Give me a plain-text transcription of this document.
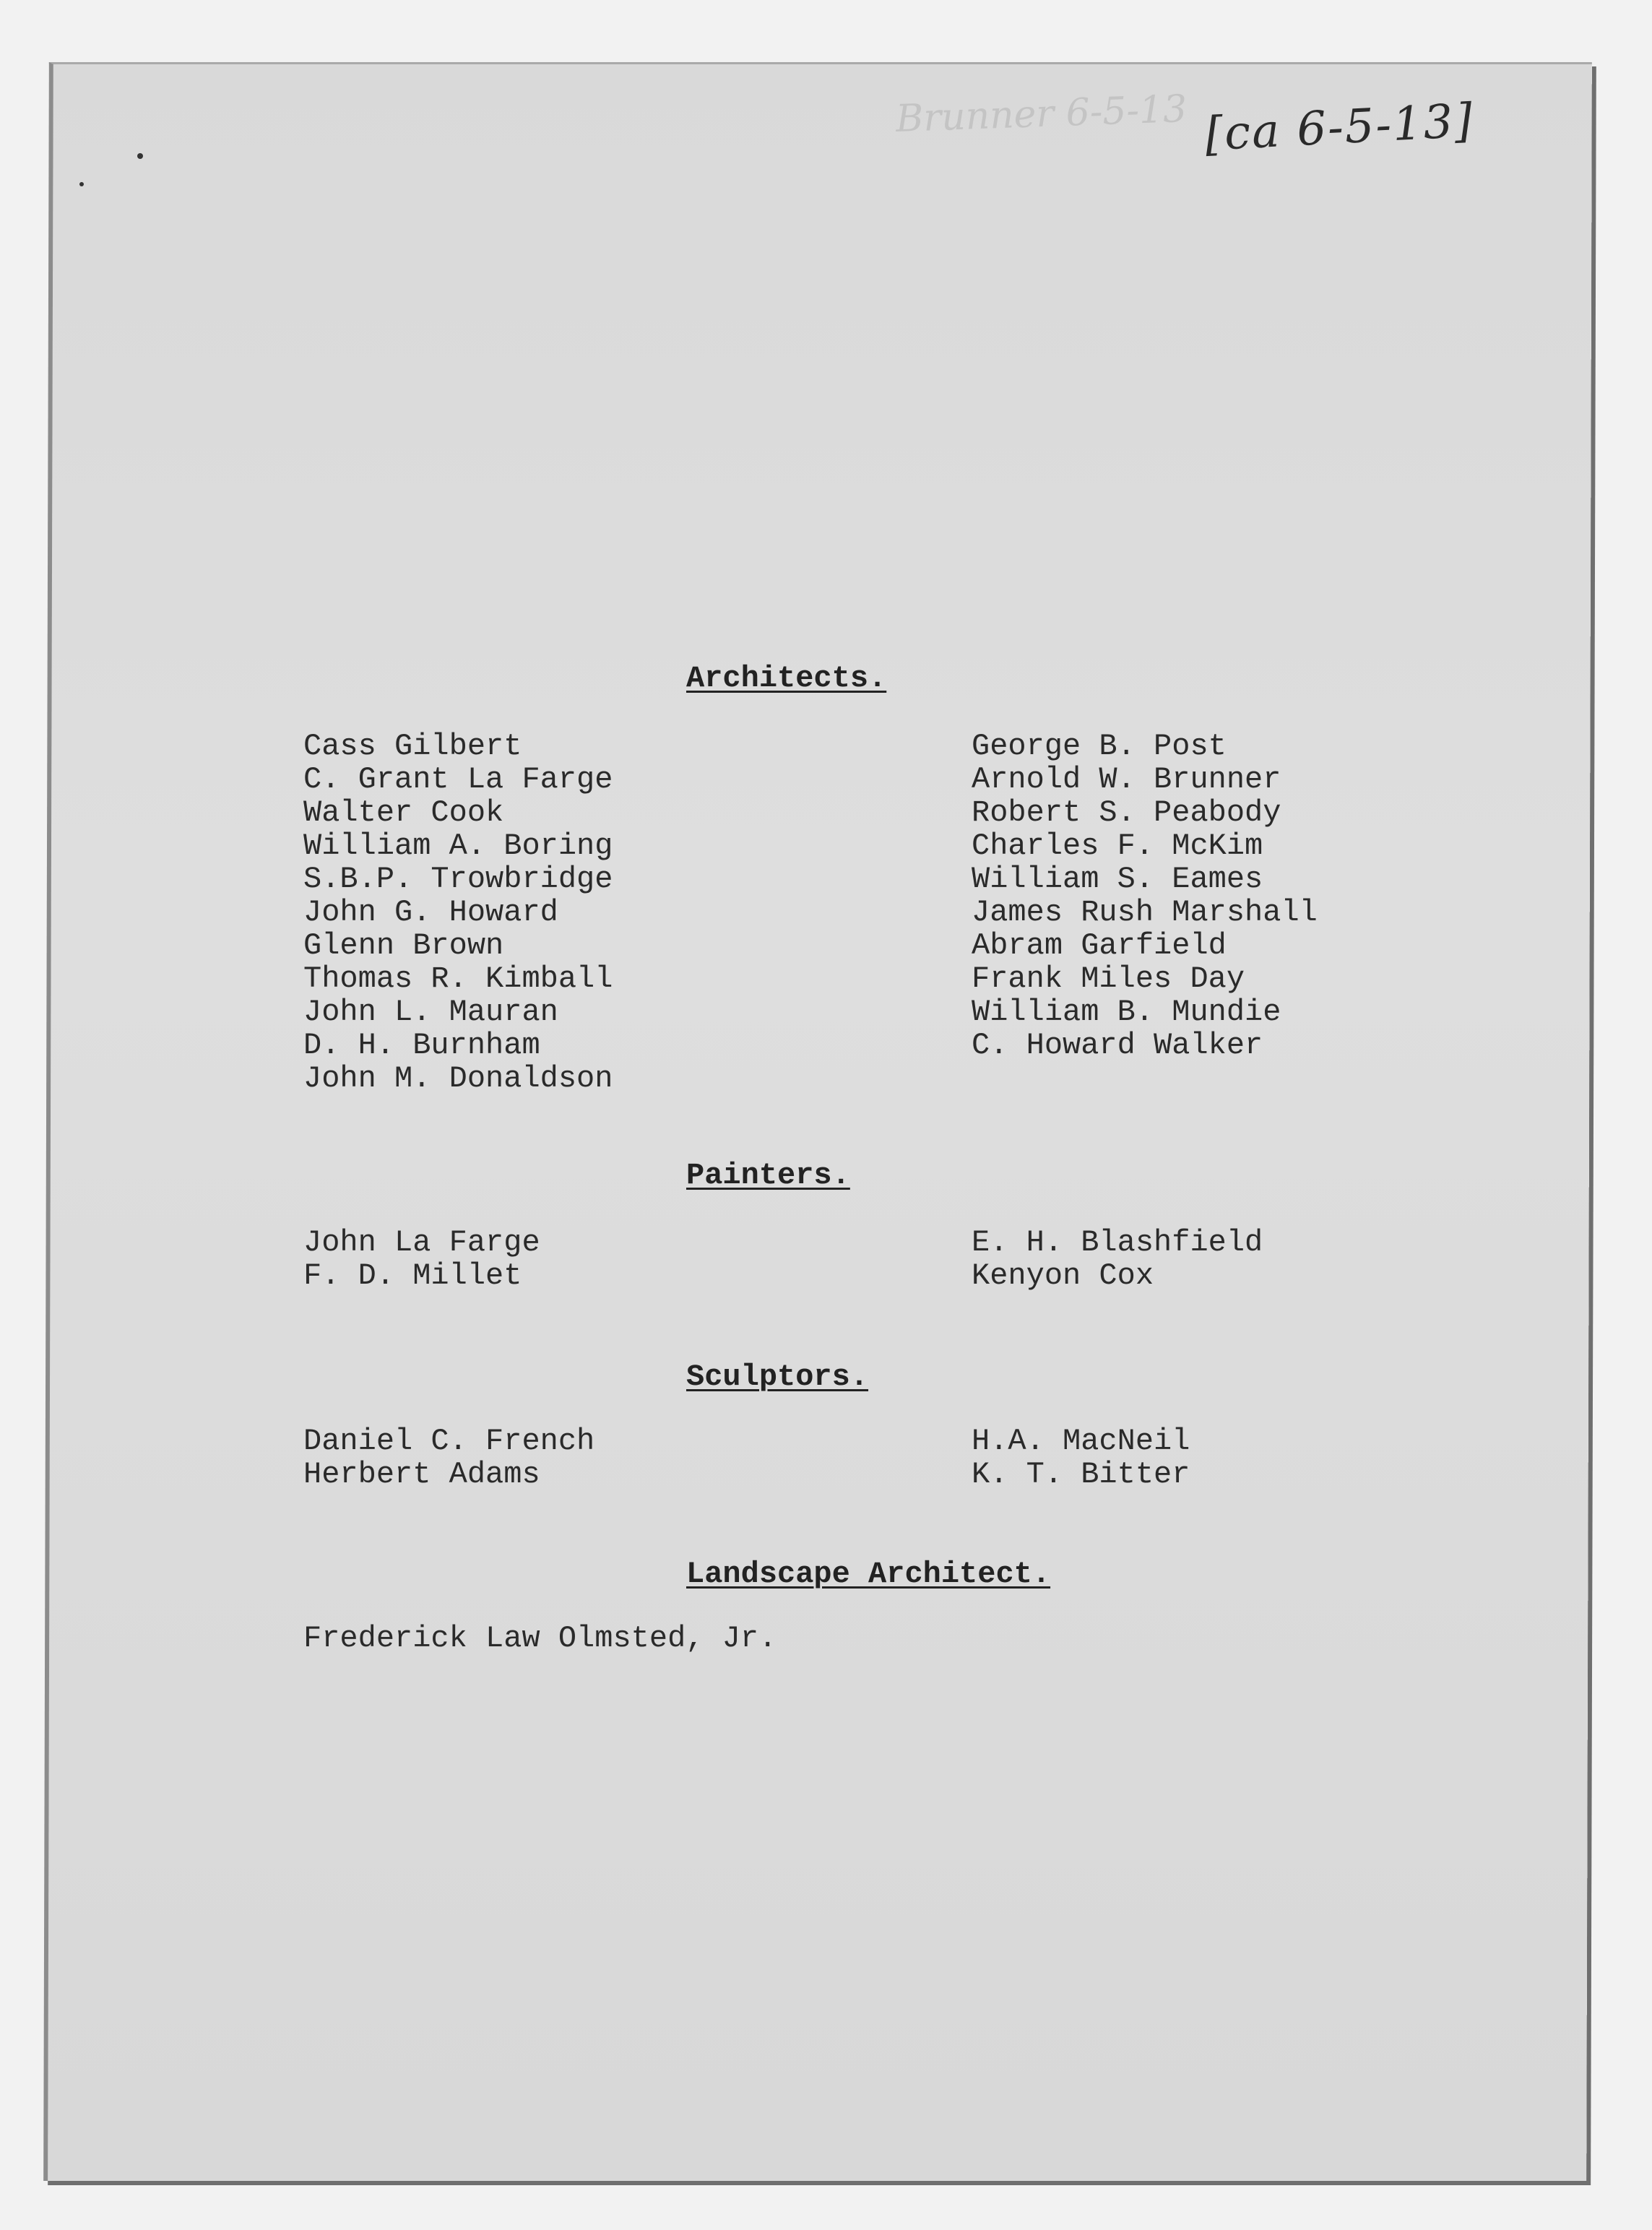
Brunner 6-5-13 [ca 6-5-13]
Architects.
Cass Gilbert
C. Grant La Farge
Walter Cook
William A. Boring
S.B.P. Trowbridge
John G. Howard
Glenn Brown
Thomas R. Kimball
John L. Mauran
D. H. Burnham
John M. Donaldson
George B. Post
Arnold W. Brunner
Robert S. Peabody
Charles F. McKim
William S. Eames
James Rush Marshall
Abram Garfield
Frank Miles Day
William B. Mundie
C. Howard Walker
Painters.
John La Farge
F. D. Millet
E. H. Blashfield
Kenyon Cox
Sculptors.
Daniel C. French
Herbert Adams
H.A. MacNeil
K. T. Bitter
Landscape Architect.
Frederick Law Olmsted, Jr.
